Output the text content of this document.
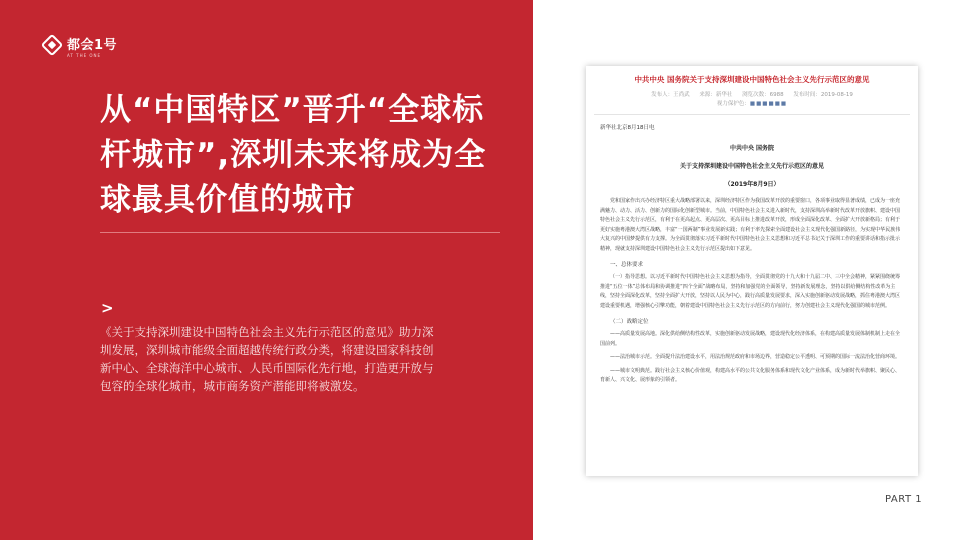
都会1号
AT THE ONE
从“中国特区”晋升“全球标杆城市”,深圳未来将成为全球最具价值的城市
>

《关于支持深圳建设中国特色社会主义先行示范区的意见》助力深圳发展，深圳城市能级全面超越传统行政分类，将建设国家科技创新中心、全球海洋中心城市、人民币国际化先行地，打造更开放与包容的全球化城市，城市商务资产潜能即将被激发。

中共中央 国务院关于支持深圳建设中国特色社会主义先行示范区的意见
发布人：王尚武 来源：新华社 浏览次数：6988 发布时间：2019-08-19
视力保护色：■■■■■■
新华社北京8月18日电
中共中央 国务院
关于支持深圳建设中国特色社会主义先行示范区的意见
（2019年8月9日）

党和国家作出兴办经济特区重大战略部署以来，深圳经济特区作为我国改革开放的重要窗口，各项事业取得显著成绩，已成为一座充满魅力、动力、活力、创新力的国际化创新型城市。当前，中国特色社会主义进入新时代，支持深圳高举新时代改革开放旗帜、建设中国特色社会主义先行示范区，有利于在更高起点、更高层次、更高目标上推进改革开放，形成全面深化改革、全面扩大开放新格局；有利于更好实施粤港澳大湾区战略，丰富“一国两制”事业发展新实践；有利于率先探索全面建设社会主义现代化强国新路径，为实现中华民族伟大复兴的中国梦提供有力支撑。为全面贯彻落实习近平新时代中国特色社会主义思想和习近平总书记关于深圳工作的重要讲话和指示批示精神，现就支持深圳建设中国特色社会主义先行示范区提出如下意见。

一、总体要求

（一）指导思想。以习近平新时代中国特色社会主义思想为指导，全面贯彻党的十九大和十九届二中、三中全会精神，紧紧围绕统筹推进“五位一体”总体布局和协调推进“四个全面”战略布局，坚持和加强党的全面领导，坚持新发展理念，坚持以供给侧结构性改革为主线，坚持全面深化改革，坚持全面扩大开放，坚持以人民为中心，践行高质量发展要求，深入实施创新驱动发展战略，抓住粤港澳大湾区建设重要机遇，增强核心引擎功能，朝着建设中国特色社会主义先行示范区的方向前行，努力创建社会主义现代化强国的城市范例。

（二）战略定位

——高质量发展高地。深化供给侧结构性改革，实施创新驱动发展战略，建设现代化经济体系，在构建高质量发展体制机制上走在全国前列。

——法治城市示范。全面提升法治建设水平，用法治规范政府和市场边界，营造稳定公平透明、可预期的国际一流法治化营商环境。

——城市文明典范。践行社会主义核心价值观，构建高水平的公共文化服务体系和现代文化产业体系，成为新时代举旗帜、聚民心、育新人、兴文化、展形象的引领者。

PART 1
